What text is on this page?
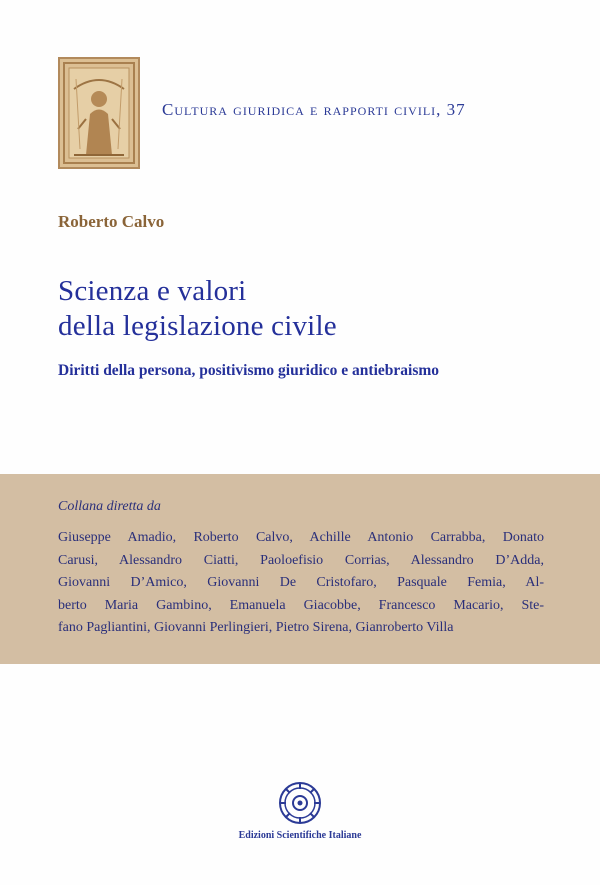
Cultura giuridica e rapporti civili, 37
Roberto Calvo
Scienza e valori
della legislazione civile
Diritti della persona, positivismo giuridico e antiebraismo
Collana diretta da
Giuseppe Amadio, Roberto Calvo, Achille Antonio Carrabba, Donato
Carusi, Alessandro Ciatti, Paoloefisio Corrias, Alessandro D’Adda,
Giovanni D’Amico, Giovanni De Cristofaro, Pasquale Femia, Al-
berto Maria Gambino, Emanuela Giacobbe, Francesco Macario, Ste-
fano Pagliantini, Giovanni Perlingieri, Pietro Sirena, Gianroberto Villa
Edizioni Scientifiche Italiane
